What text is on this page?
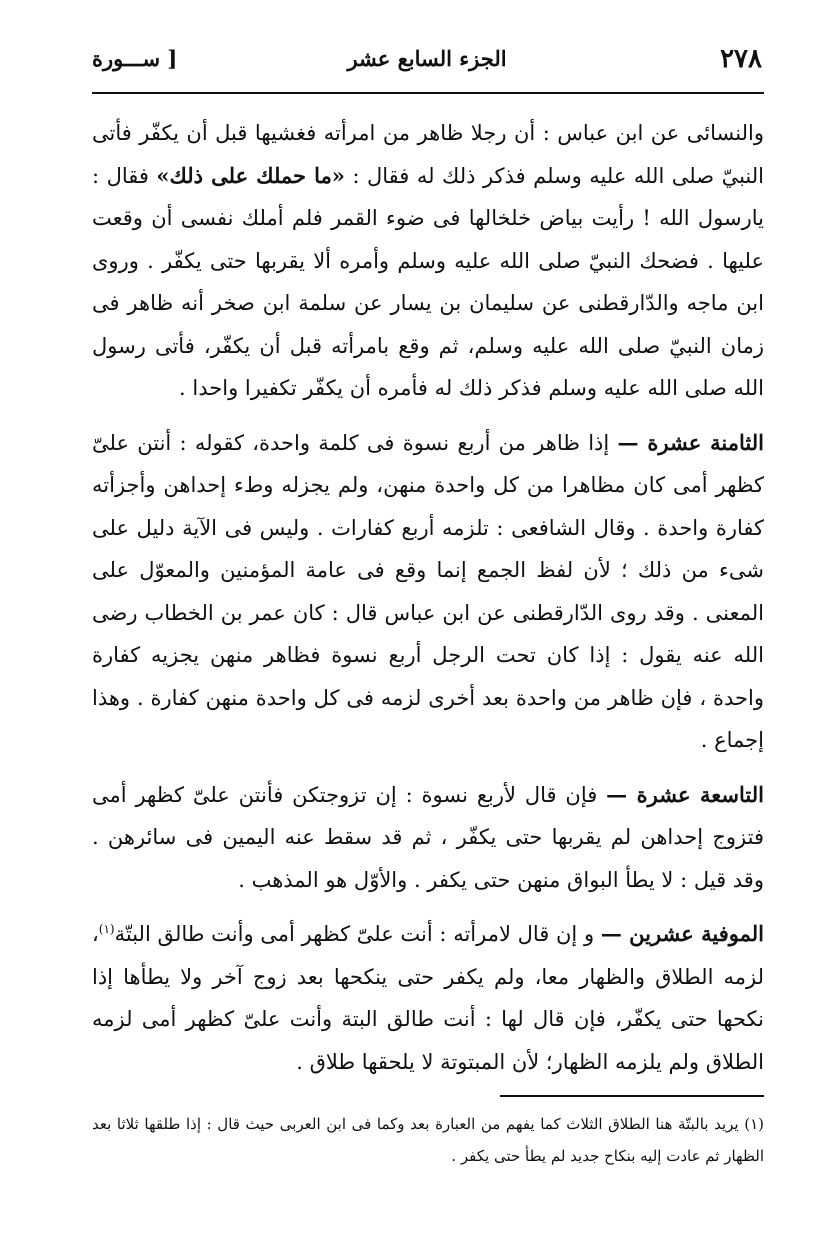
٢٧٨
الجزء السابع عشر
[ ســـورة

والنسائى عن ابن عباس : أن رجلا ظاهر من امرأته فغشيها قبل أن يكفّر فأتى النبيّ صلى الله عليه وسلم فذكر ذلك له فقال : «ما حملك على ذلك» فقال : يارسول الله ! رأيت بياض خلخالها فى ضوء القمر فلم أملك نفسى أن وقعت عليها . فضحك النبيّ صلى الله عليه وسلم وأمره ألا يقربها حتى يكفّر . وروى ابن ماجه والدّارقطنى عن سليمان بن يسار عن سلمة ابن صخر أنه ظاهر فى زمان النبيّ صلى الله عليه وسلم، ثم وقع بامرأته قبل أن يكفّر، فأتى رسول الله صلى الله عليه وسلم فذكر ذلك له فأمره أن يكفّر تكفيرا واحدا .

الثامنة عشرة — إذا ظاهر من أربع نسوة فى كلمة واحدة، كقوله : أنتن علىّ كظهر أمى كان مظاهرا من كل واحدة منهن، ولم يجزله وطء إحداهن وأجزأته كفارة واحدة . وقال الشافعى : تلزمه أربع كفارات . وليس فى الآية دليل على شىء من ذلك ؛ لأن لفظ الجمع إنما وقع فى عامة المؤمنين والمعوّل على المعنى . وقد روى الدّارقطنى عن ابن عباس قال : كان عمر بن الخطاب رضى الله عنه يقول : إذا كان تحت الرجل أربع نسوة فظاهر منهن يجزيه كفارة واحدة ، فإن ظاهر من واحدة بعد أخرى لزمه فى كل واحدة منهن كفارة . وهذا إجماع .

التاسعة عشرة — فإن قال لأربع نسوة : إن تزوجتكن فأنتن علىّ كظهر أمى فتزوج إحداهن لم يقربها حتى يكفّر ، ثم قد سقط عنه اليمين فى سائرهن . وقد قيل : لا يطأ البواق منهن حتى يكفر . والأوّل هو المذهب .

الموفية عشرين — و إن قال لامرأته : أنت علىّ كظهر أمى وأنت طالق البتّة$^{(١)}$، لزمه الطلاق والظهار معا، ولم يكفر حتى ينكحها بعد زوج آخر ولا يطأها إذا نكحها حتى يكفّر، فإن قال لها : أنت طالق البتة وأنت علىّ كظهر أمى لزمه الطلاق ولم يلزمه الظهار؛ لأن المبتوتة لا يلحقها طلاق .

(١) يريد بالبتّة هنا الطلاق الثلاث كما يفهم من العبارة بعد وكما فى ابن العربى حيث قال : إذا طلقها ثلاثا بعد الظهار ثم عادت إليه بنكاح جديد لم يطأ حتى يكفر .
